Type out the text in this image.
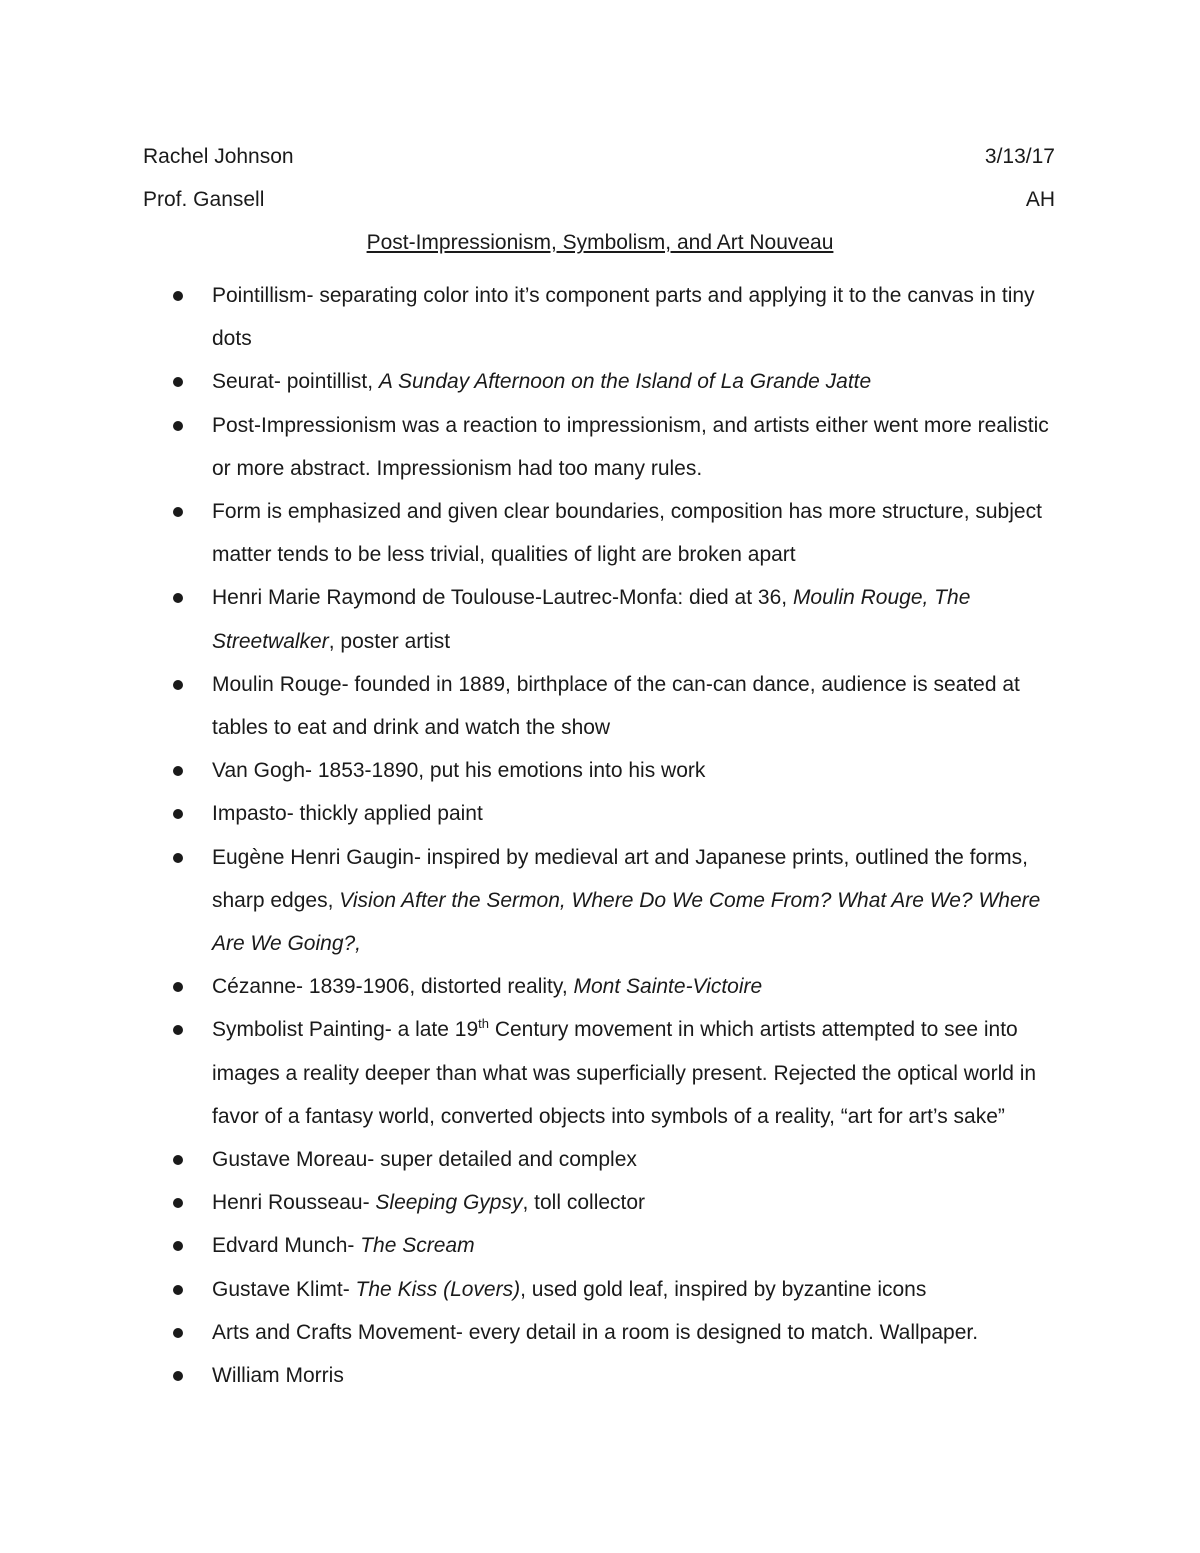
Rachel Johnson	3/13/17
Prof. Gansell	AH
Post-Impressionism, Symbolism, and Art Nouveau
Pointillism- separating color into it’s component parts and applying it to the canvas in tiny dots
Seurat- pointillist, A Sunday Afternoon on the Island of La Grande Jatte
Post-Impressionism was a reaction to impressionism, and artists either went more realistic or more abstract. Impressionism had too many rules.
Form is emphasized and given clear boundaries, composition has more structure, subject matter tends to be less trivial, qualities of light are broken apart
Henri Marie Raymond de Toulouse-Lautrec-Monfa: died at 36, Moulin Rouge, The Streetwalker, poster artist
Moulin Rouge- founded in 1889, birthplace of the can-can dance, audience is seated at tables to eat and drink and watch the show
Van Gogh- 1853-1890, put his emotions into his work
Impasto- thickly applied paint
Eugène Henri Gaugin- inspired by medieval art and Japanese prints, outlined the forms, sharp edges, Vision After the Sermon, Where Do We Come From? What Are We? Where Are We Going?,
Cézanne- 1839-1906, distorted reality, Mont Sainte-Victoire
Symbolist Painting- a late 19th Century movement in which artists attempted to see into images a reality deeper than what was superficially present. Rejected the optical world in favor of a fantasy world, converted objects into symbols of a reality, “art for art’s sake”
Gustave Moreau- super detailed and complex
Henri Rousseau- Sleeping Gypsy, toll collector
Edvard Munch- The Scream
Gustave Klimt- The Kiss (Lovers), used gold leaf, inspired by byzantine icons
Arts and Crafts Movement- every detail in a room is designed to match. Wallpaper.
William Morris
